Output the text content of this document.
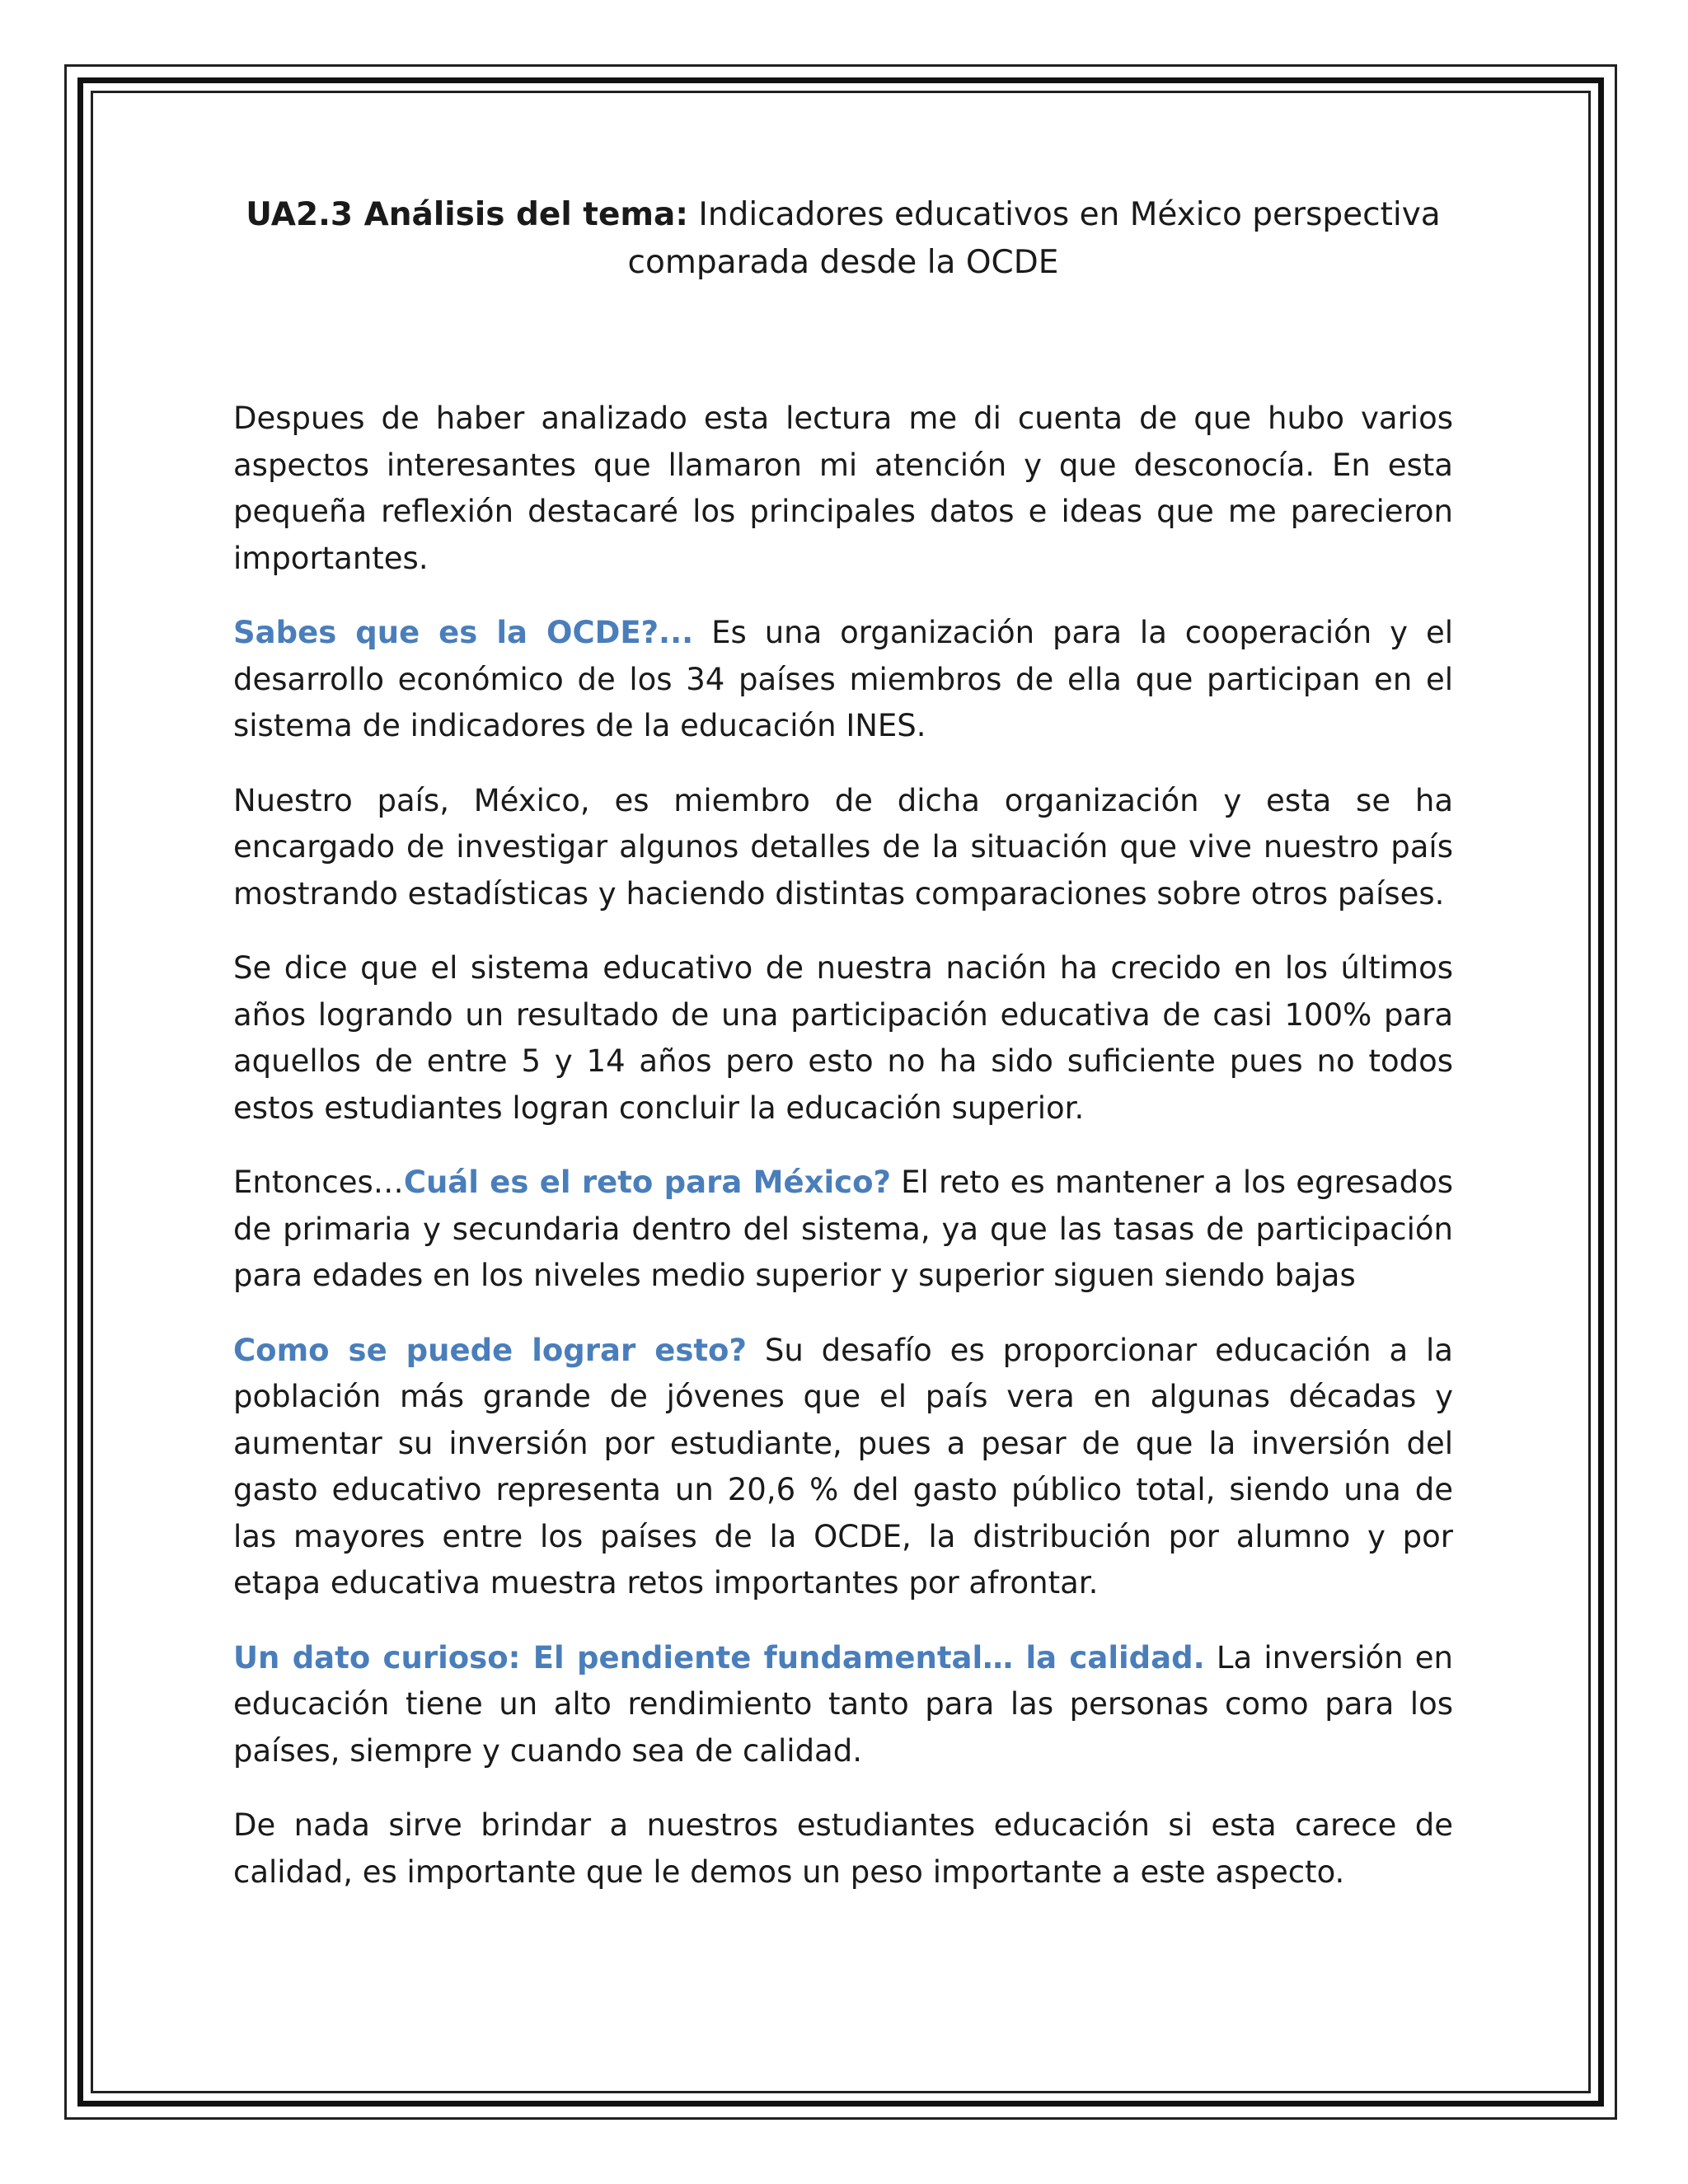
UA2.3 Análisis del tema: Indicadores educativos en México perspectiva comparada desde la OCDE

Despues de haber analizado esta lectura me di cuenta de que hubo varios aspectos interesantes que llamaron mi atención y que desconocía. En esta pequeña reflexión destacaré los principales datos e ideas que me parecieron importantes.

Sabes que es la OCDE?... Es una organización para la cooperación y el desarrollo económico de los 34 países miembros de ella que participan en el sistema de indicadores de la educación INES.

Nuestro país, México, es miembro de dicha organización y esta se ha encargado de investigar algunos detalles de la situación que vive nuestro país mostrando estadísticas y haciendo distintas comparaciones sobre otros países.

Se dice que el sistema educativo de nuestra nación ha crecido en los últimos años logrando un resultado de una participación educativa de casi 100% para aquellos de entre 5 y 14 años pero esto no ha sido suficiente pues no todos estos estudiantes logran concluir la educación superior.

Entonces…Cuál es el reto para México? El reto es mantener a los egresados de primaria y secundaria dentro del sistema, ya que las tasas de participación para edades en los niveles medio superior y superior siguen siendo bajas

Como se puede lograr esto? Su desafío es proporcionar educación a la población más grande de jóvenes que el país vera en algunas décadas y aumentar su inversión por estudiante, pues a pesar de que la inversión del gasto educativo representa un 20,6 % del gasto público total, siendo una de las mayores entre los países de la OCDE, la distribución por alumno y por etapa educativa muestra retos importantes por afrontar.

Un dato curioso: El pendiente fundamental… la calidad. La inversión en educación tiene un alto rendimiento tanto para las personas como para los países, siempre y cuando sea de calidad.

De nada sirve brindar a nuestros estudiantes educación si esta carece de calidad, es importante que le demos un peso importante a este aspecto.
